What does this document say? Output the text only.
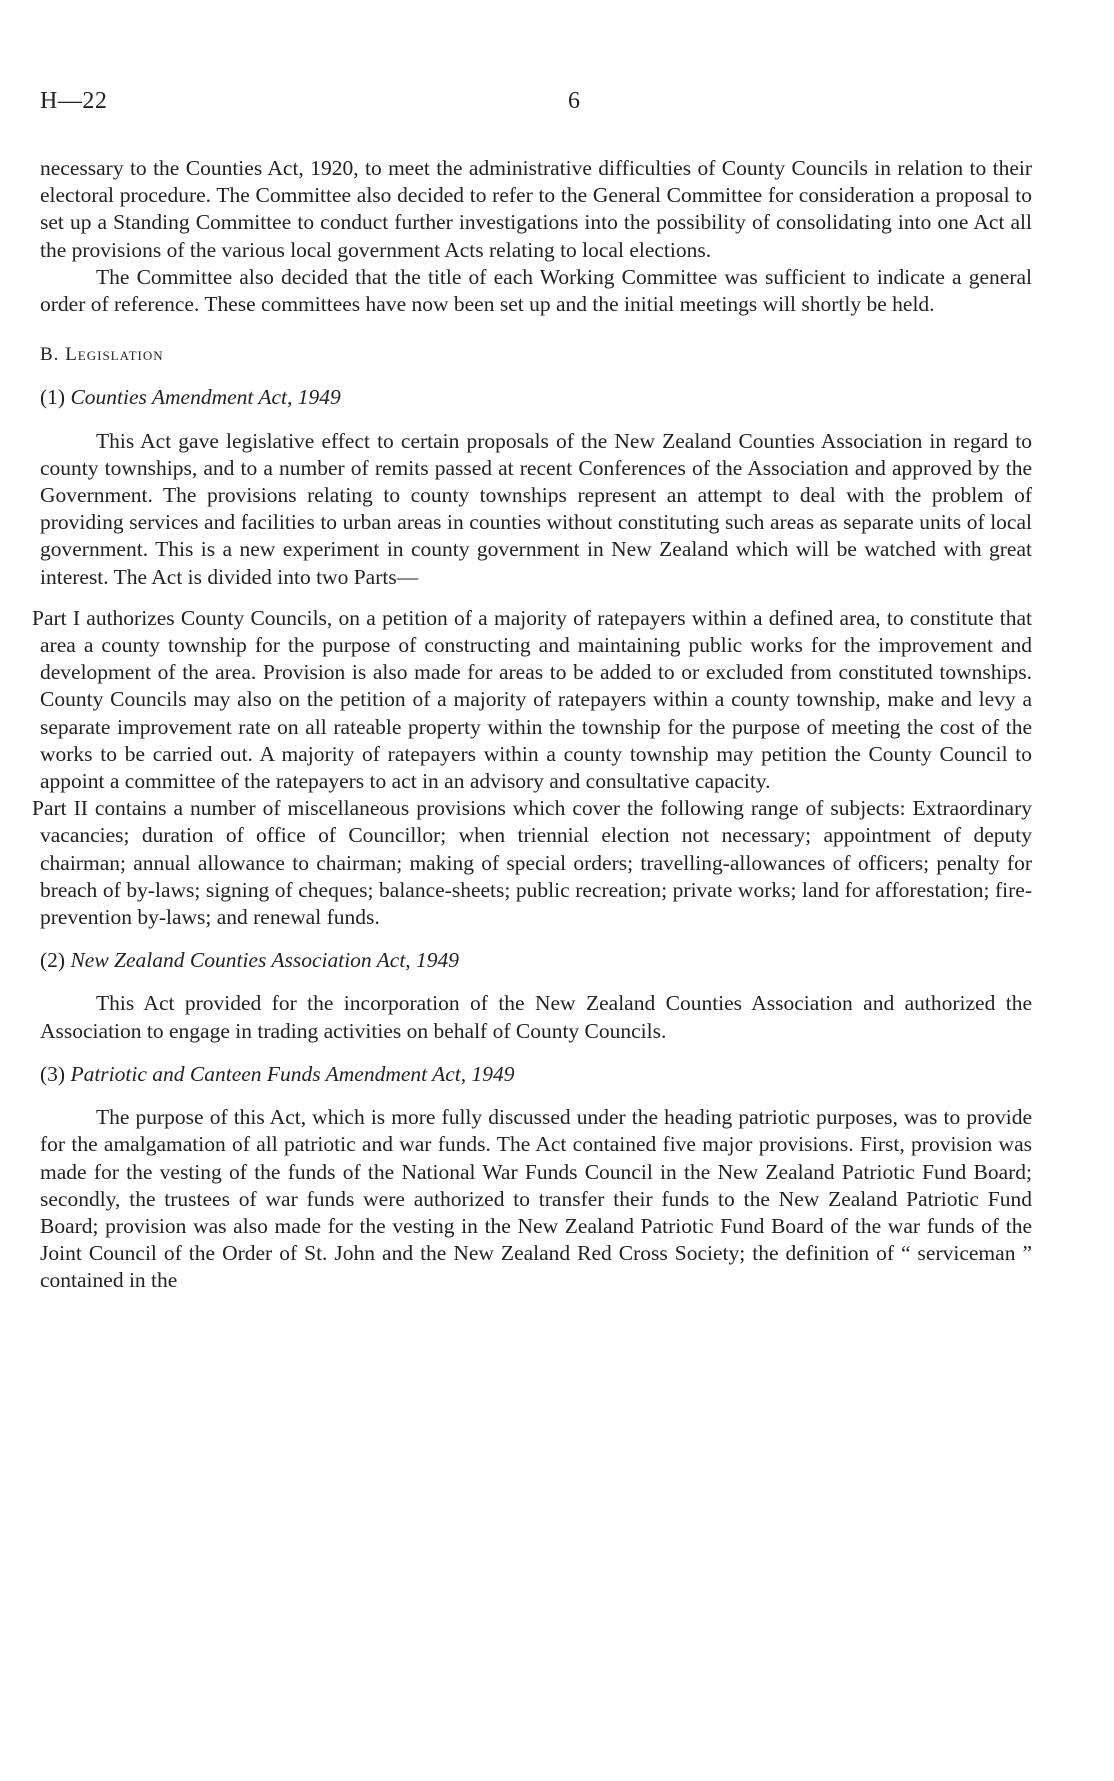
H—22	6

necessary to the Counties Act, 1920, to meet the administrative difficulties of County Councils in relation to their electoral procedure. The Committee also decided to refer to the General Committee for consideration a proposal to set up a Standing Committee to conduct further investigations into the possibility of consolidating into one Act all the provisions of the various local government Acts relating to local elections.

The Committee also decided that the title of each Working Committee was sufficient to indicate a general order of reference. These committees have now been set up and the initial meetings will shortly be held.

B. Legislation

(1) Counties Amendment Act, 1949

This Act gave legislative effect to certain proposals of the New Zealand Counties Association in regard to county townships, and to a number of remits passed at recent Conferences of the Association and approved by the Government. The provisions relating to county townships represent an attempt to deal with the problem of providing services and facilities to urban areas in counties without constituting such areas as separate units of local government. This is a new experiment in county government in New Zealand which will be watched with great interest. The Act is divided into two Parts—

Part I authorizes County Councils, on a petition of a majority of ratepayers within a defined area, to constitute that area a county township for the purpose of constructing and maintaining public works for the improvement and development of the area. Provision is also made for areas to be added to or excluded from constituted townships. County Councils may also on the petition of a majority of ratepayers within a county township, make and levy a separate improvement rate on all rateable property within the township for the purpose of meeting the cost of the works to be carried out. A majority of ratepayers within a county township may petition the County Council to appoint a committee of the ratepayers to act in an advisory and consultative capacity.

Part II contains a number of miscellaneous provisions which cover the following range of subjects: Extraordinary vacancies; duration of office of Councillor; when triennial election not necessary; appointment of deputy chairman; annual allowance to chairman; making of special orders; travelling-allowances of officers; penalty for breach of by-laws; signing of cheques; balance-sheets; public recreation; private works; land for afforestation; fire-prevention by-laws; and renewal funds.

(2) New Zealand Counties Association Act, 1949

This Act provided for the incorporation of the New Zealand Counties Association and authorized the Association to engage in trading activities on behalf of County Councils.

(3) Patriotic and Canteen Funds Amendment Act, 1949

The purpose of this Act, which is more fully discussed under the heading patriotic purposes, was to provide for the amalgamation of all patriotic and war funds. The Act contained five major provisions. First, provision was made for the vesting of the funds of the National War Funds Council in the New Zealand Patriotic Fund Board; secondly, the trustees of war funds were authorized to transfer their funds to the New Zealand Patriotic Fund Board; provision was also made for the vesting in the New Zealand Patriotic Fund Board of the war funds of the Joint Council of the Order of St. John and the New Zealand Red Cross Society; the definition of “ serviceman ” contained in the
